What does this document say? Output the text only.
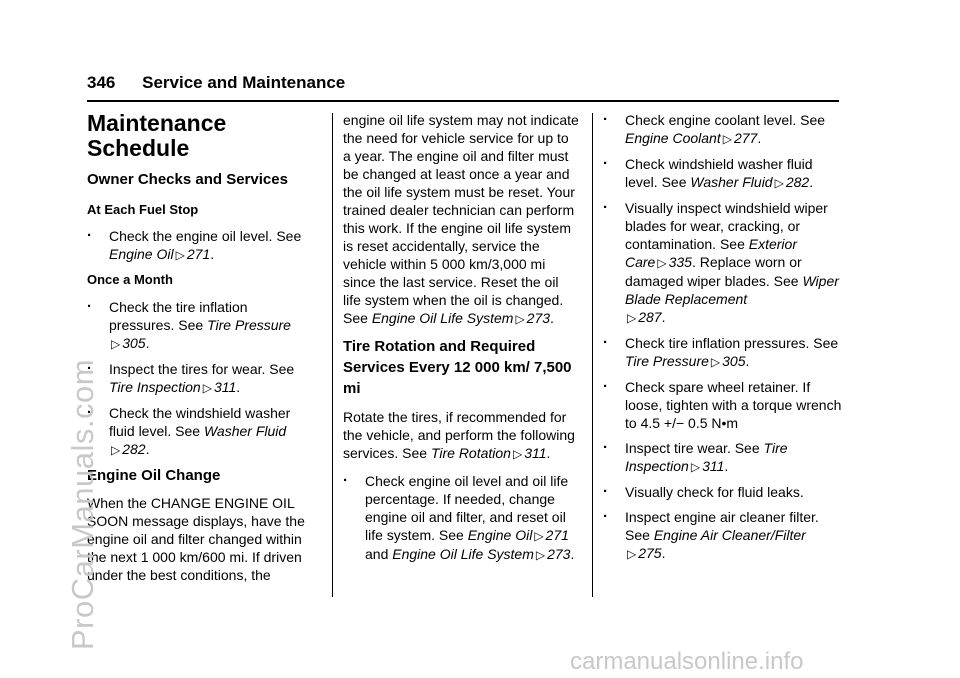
346 Service and Maintenance
Maintenance
Schedule
Owner Checks and Services
At Each Fuel Stop
. Check the engine oil level. See
Engine Oil ▷ 271.
Once a Month
. Check the tire inflation pressures. See Tire Pressure
▷ 305.
. Inspect the tires for wear. See
Tire Inspection ▷ 311.
. Check the windshield washer fluid level. See Washer Fluid
▷ 282.
Engine Oil Change

When the CHANGE ENGINE OIL SOON message displays, have the engine oil and filter changed within the next 1 000 km/600 mi. If driven under the best conditions, the

engine oil life system may not indicate the need for vehicle service for up to a year. The engine oil and filter must be changed at least once a year and the oil life system must be reset. Your trained dealer technician can perform this work. If the engine oil life system is reset accidentally, service the vehicle within 5 000 km/3,000 mi since the last service. Reset the oil life system when the oil is changed. See Engine Oil Life System ▷ 273.

Tire Rotation and Required Services Every 12 000 km/ 7,500 mi

Rotate the tires, if recommended for the vehicle, and perform the following services. See Tire Rotation ▷ 311.

. Check engine oil level and oil life percentage. If needed, change engine oil and filter, and reset oil life system. See Engine Oil ▷ 271 and Engine Oil Life System ▷ 273.
. Check engine coolant level. See
Engine Coolant ▷ 277.
. Check windshield washer fluid level. See Washer Fluid ▷ 282.
. Visually inspect windshield wiper blades for wear, cracking, or contamination. See Exterior Care ▷ 335. Replace worn or damaged wiper blades. See Wiper Blade Replacement
▷ 287.
. Check tire inflation pressures. See Tire Pressure ▷ 305.
. Check spare wheel retainer. If loose, tighten with a torque wrench to 4.5 +/− 0.5 N•m
. Inspect tire wear. See Tire Inspection ▷ 311.
. Visually check for fluid leaks.
. Inspect engine air cleaner filter. See Engine Air Cleaner/Filter
▷ 275.
ProCarManuals.com
carmanualsonline.info
